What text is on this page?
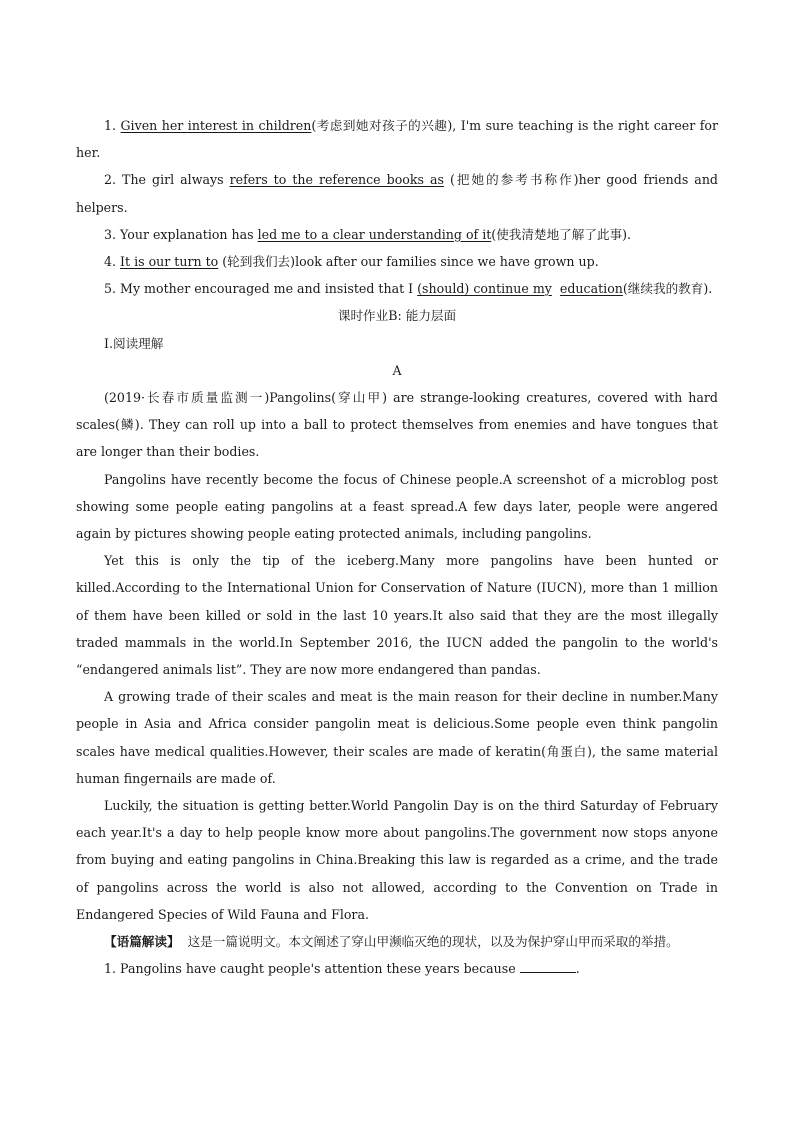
1. Given her interest in children(考虑到她对孩子的兴趣), I'm sure teaching is the right career for her.

2. The girl always refers to the reference books as (把她的参考书称作)her good friends and helpers.

3. Your explanation has led me to a clear understanding of it(使我清楚地了解了此事).

4. It is our turn to (轮到我们去)look after our families since we have grown up.

5. My mother encouraged me and insisted that I (should) continue my education(继续我的教育).

课时作业B: 能力层面

Ⅰ.阅读理解

A

(2019·长春市质量监测一)Pangolins(穿山甲) are strange-looking creatures, covered with hard scales(鳞). They can roll up into a ball to protect themselves from enemies and have tongues that are longer than their bodies.

Pangolins have recently become the focus of Chinese people.A screenshot of a microblog post showing some people eating pangolins at a feast spread.A few days later, people were angered again by pictures showing people eating protected animals, including pangolins.

Yet this is only the tip of the iceberg.Many more pangolins have been hunted or killed.According to the International Union for Conservation of Nature (IUCN), more than 1 million of them have been killed or sold in the last 10 years.It also said that they are the most illegally traded mammals in the world.In September 2016, the IUCN added the pangolin to the world's “endangered animals list”. They are now more endangered than pandas.

A growing trade of their scales and meat is the main reason for their decline in number.Many people in Asia and Africa consider pangolin meat is delicious.Some people even think pangolin scales have medical qualities.However, their scales are made of keratin(角蛋白), the same material human fingernails are made of.

Luckily, the situation is getting better.World Pangolin Day is on the third Saturday of February each year.It's a day to help people know more about pangolins.The government now stops anyone from buying and eating pangolins in China.Breaking this law is regarded as a crime, and the trade of pangolins across the world is also not allowed, according to the Convention on Trade in Endangered Species of Wild Fauna and Flora.

【语篇解读】 这是一篇说明文。本文阐述了穿山甲濒临灭绝的现状，以及为保护穿山甲而采取的举措。

1. Pangolins have caught people's attention these years because	.
